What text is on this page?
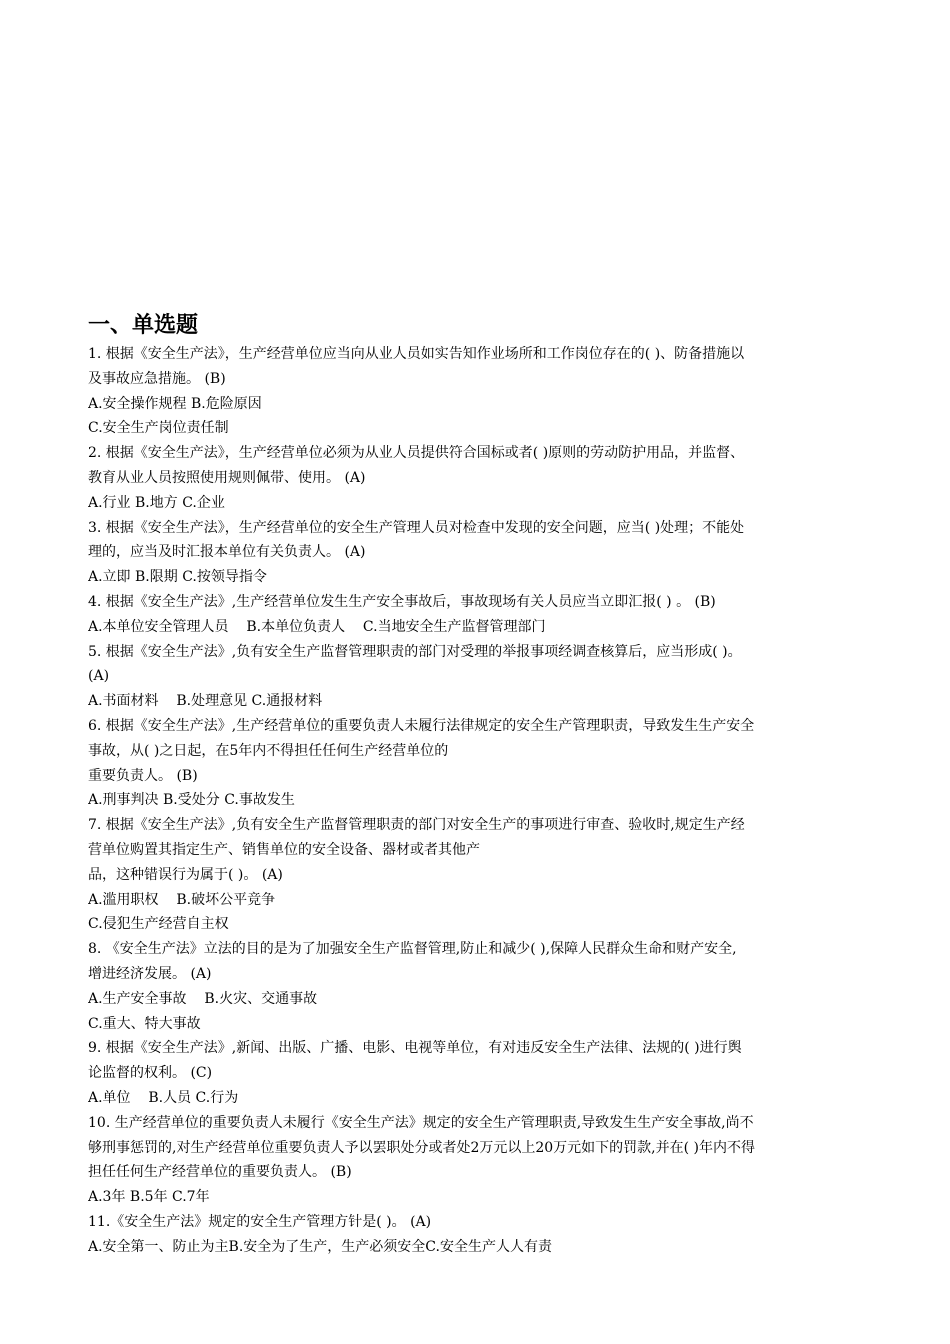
一、单选题
1. 根据《安全生产法》，生产经营单位应当向从业人员如实告知作业场所和工作岗位存在的( )、防备措施以
及事故应急措施。 (B)
A.安全操作规程 B.危险原因
C.安全生产岗位责任制
2. 根据《安全生产法》，生产经营单位必须为从业人员提供符合国标或者( )原则的劳动防护用品，并监督、
教育从业人员按照使用规则佩带、使用。 (A)
A.行业 B.地方 C.企业
3. 根据《安全生产法》，生产经营单位的安全生产管理人员对检查中发现的安全问题，应当( )处理；不能处
理的，应当及时汇报本单位有关负责人。 (A)
A.立即 B.限期 C.按领导指令
4. 根据《安全生产法》,生产经营单位发生生产安全事故后，事故现场有关人员应当立即汇报( ) 。 (B)
A.本单位安全管理人员    B.本单位负责人    C.当地安全生产监督管理部门
5. 根据《安全生产法》,负有安全生产监督管理职责的部门对受理的举报事项经调查核算后，应当形成( )。
(A)
A.书面材料    B.处理意见 C.通报材料
6. 根据《安全生产法》,生产经营单位的重要负责人未履行法律规定的安全生产管理职责，导致发生生产安全
事故，从( )之日起，在5年内不得担任任何生产经营单位的
重要负责人。 (B)
A.刑事判决 B.受处分 C.事故发生
7. 根据《安全生产法》,负有安全生产监督管理职责的部门对安全生产的事项进行审查、验收时,规定生产经
营单位购置其指定生产、销售单位的安全设备、器材或者其他产
品，这种错误行为属于( )。 (A)
A.滥用职权    B.破坏公平竞争
C.侵犯生产经营自主权
8. 《安全生产法》立法的目的是为了加强安全生产监督管理,防止和减少( ),保障人民群众生命和财产安全,
增进经济发展。 (A)
A.生产安全事故    B.火灾、交通事故
C.重大、特大事故
9. 根据《安全生产法》,新闻、出版、广播、电影、电视等单位，有对违反安全生产法律、法规的( )进行舆
论监督的权利。 (C)
A.单位    B.人员 C.行为
10. 生产经营单位的重要负责人未履行《安全生产法》规定的安全生产管理职责,导致发生生产安全事故,尚不
够刑事惩罚的,对生产经营单位重要负责人予以罢职处分或者处2万元以上20万元如下的罚款,并在( )年内不得
担任任何生产经营单位的重要负责人。 (B)
A.3年 B.5年 C.7年
11.《安全生产法》规定的安全生产管理方针是( )。 (A)
A.安全第一、防止为主B.安全为了生产，生产必须安全C.安全生产人人有责
